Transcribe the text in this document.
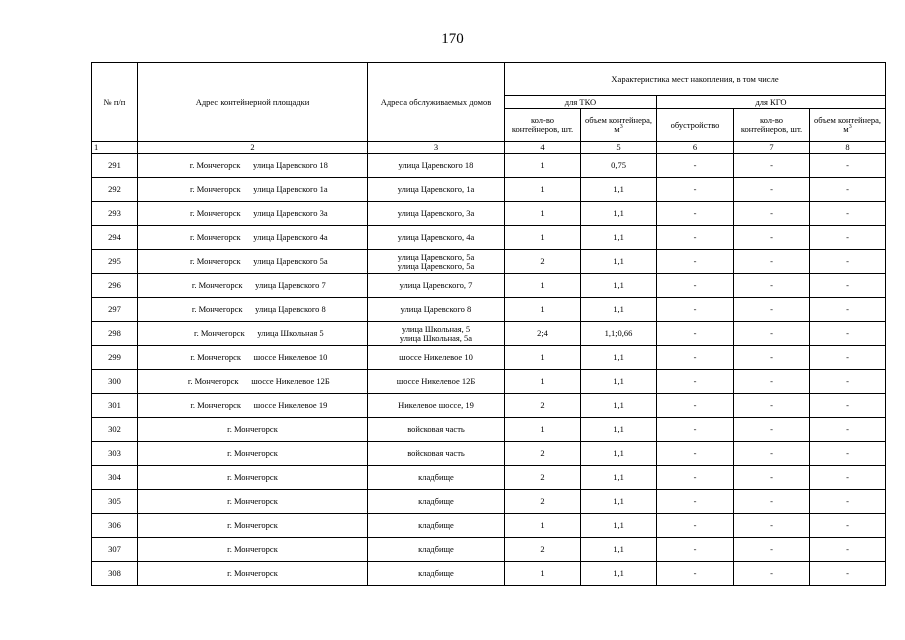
170
№ п/п	Адрес контейнерной площадки	Адреса обслуживаемых домов	Характеристика мест накопления, в том числе				
			для ТКО		для КГО		
			кол-во контейнеров, шт.	объем контейнера, $м^3$	обустройство	кол-во контейнеров, шт.	объем контейнера, $м^3$
1	2	3	4	5	6	7	8
291	г. Мончегорск улица Царевского 18	улица Царевского 18	1	0,75	-	-	-
292	г. Мончегорск улица Царевского 1а	улица Царевского, 1а	1	1,1	-	-	-
293	г. Мончегорск улица Царевского 3а	улица Царевского, 3а	1	1,1	-	-	-
294	г. Мончегорск улица Царевского 4а	улица Царевского, 4а	1	1,1	-	-	-
295	г. Мончегорск улица Царевского 5а	улица Царевского, 5а
улица Царевского, 5а	2	1,1	-	-	-
296	г. Мончегорск улица Царевского 7	улица Царевского, 7	1	1,1	-	-	-
297	г. Мончегорск улица Царевского 8	улица Царевского 8	1	1,1	-	-	-
298	г. Мончегорск улица Школьная 5	улица Школьная, 5
улица Школьная, 5а	2;4	1,1;0,66	-	-	-
299	г. Мончегорск шоссе Никелевое 10	шоссе Никелевое 10	1	1,1	-	-	-
300	г. Мончегорск шоссе Никелевое 12Б	шоссе Никелевое 12Б	1	1,1	-	-	-
301	г. Мончегорск шоссе Никелевое 19	Никелевое шоссе, 19	2	1,1	-	-	-
302	г. Мончегорск	войсковая часть	1	1,1	-	-	-
303	г. Мончегорск	войсковая часть	2	1,1	-	-	-
304	г. Мончегорск	кладбище	2	1,1	-	-	-
305	г. Мончегорск	кладбище	2	1,1	-	-	-
306	г. Мончегорск	кладбище	1	1,1	-	-	-
307	г. Мончегорск	кладбище	2	1,1	-	-	-
308	г. Мончегорск	кладбище	1	1,1	-	-	-
